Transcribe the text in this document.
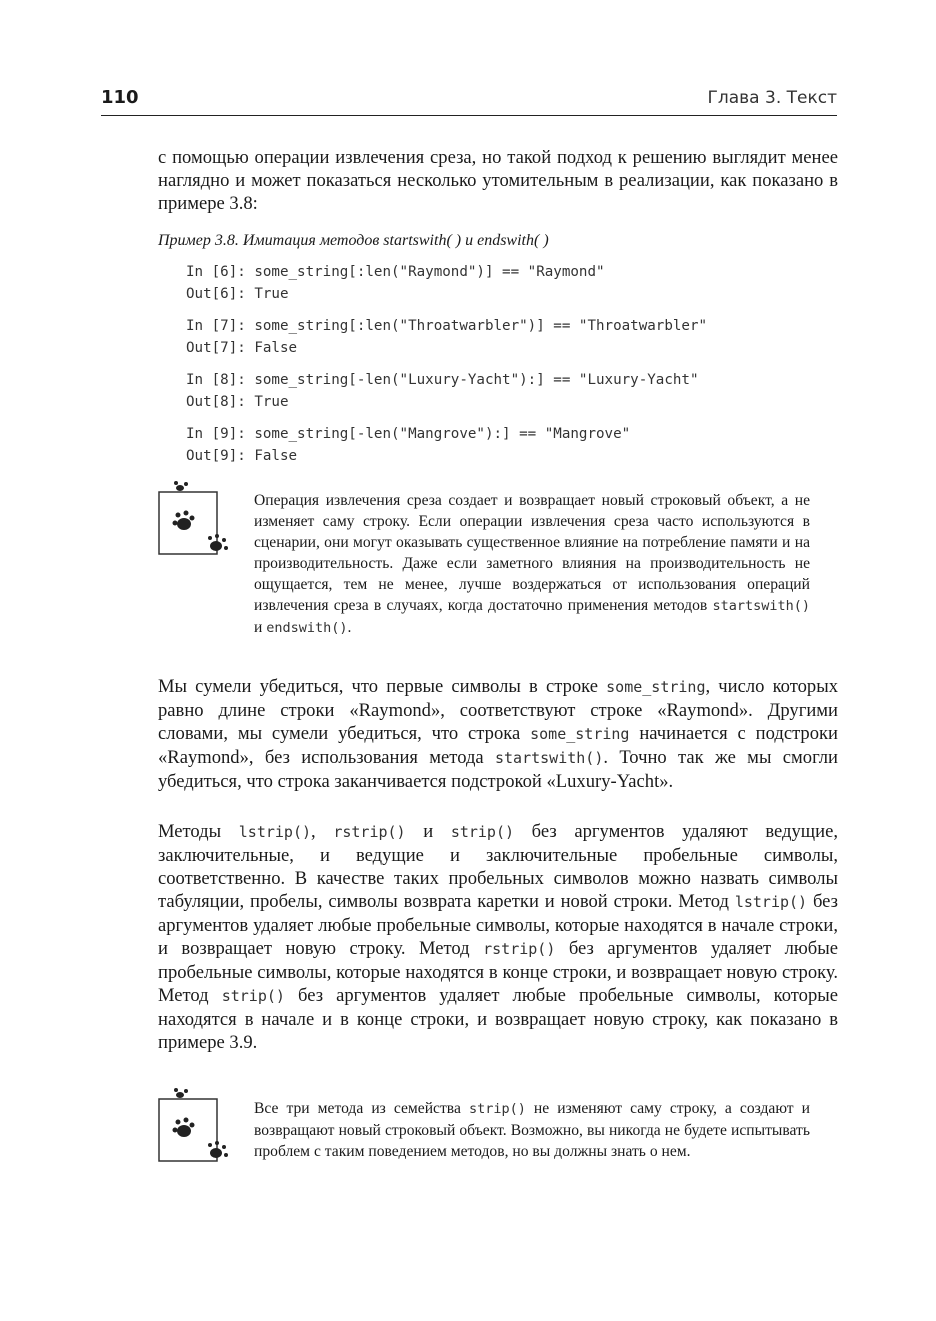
110	Глава 3. Текст

с помощью операции извлечения среза, но такой подход к решению выглядит менее наглядно и может показаться несколько утомительным в реализации, как показано в примере 3.8:

Пример 3.8. Имитация методов startswith( ) и endswith( )

In [6]: some_string[:len("Raymond")] == "Raymond"
Out[6]: True
In [7]: some_string[:len("Throatwarbler")] == "Throatwarbler"
Out[7]: False
In [8]: some_string[-len("Luxury-Yacht"):] == "Luxury-Yacht"
Out[8]: True
In [9]: some_string[-len("Mangrove"):] == "Mangrove"
Out[9]: False

Операция извлечения среза создает и возвращает новый строковый объект, а не изменяет саму строку. Если операции извлечения среза часто используются в сценарии, они могут оказывать существенное влияние на потребление памяти и на производительность. Даже если заметного влияния на производительность не ощущается, тем не менее, лучше воздержаться от использования операций извлечения среза в случаях, когда достаточно применения методов startswith() и endswith().

Мы сумели убедиться, что первые символы в строке some_string, число которых равно длине строки «Raymond», соответствуют строке «Raymond». Другими словами, мы сумели убедиться, что строка some_string начинается с подстроки «Raymond», без использования метода startswith(). Точно так же мы смогли убедиться, что строка заканчивается подстрокой «Luxury-Yacht».

Методы lstrip(), rstrip() и strip() без аргументов удаляют ведущие, заключительные, и ведущие и заключительные пробельные символы, соответственно. В качестве таких пробельных символов можно назвать символы табуляции, пробелы, символы возврата каретки и новой строки. Метод lstrip() без аргументов удаляет любые пробельные символы, которые находятся в начале строки, и возвращает новую строку. Метод rstrip() без аргументов удаляет любые пробельные символы, которые находятся в конце строки, и возвращает новую строку. Метод strip() без аргументов удаляет любые пробельные символы, которые находятся в начале и в конце строки, и возвращает новую строку, как показано в примере 3.9.

Все три метода из семейства strip() не изменяют саму строку, а создают и возвращают новый строковый объект. Возможно, вы никогда не будете испытывать проблем с таким поведением методов, но вы должны знать о нем.
